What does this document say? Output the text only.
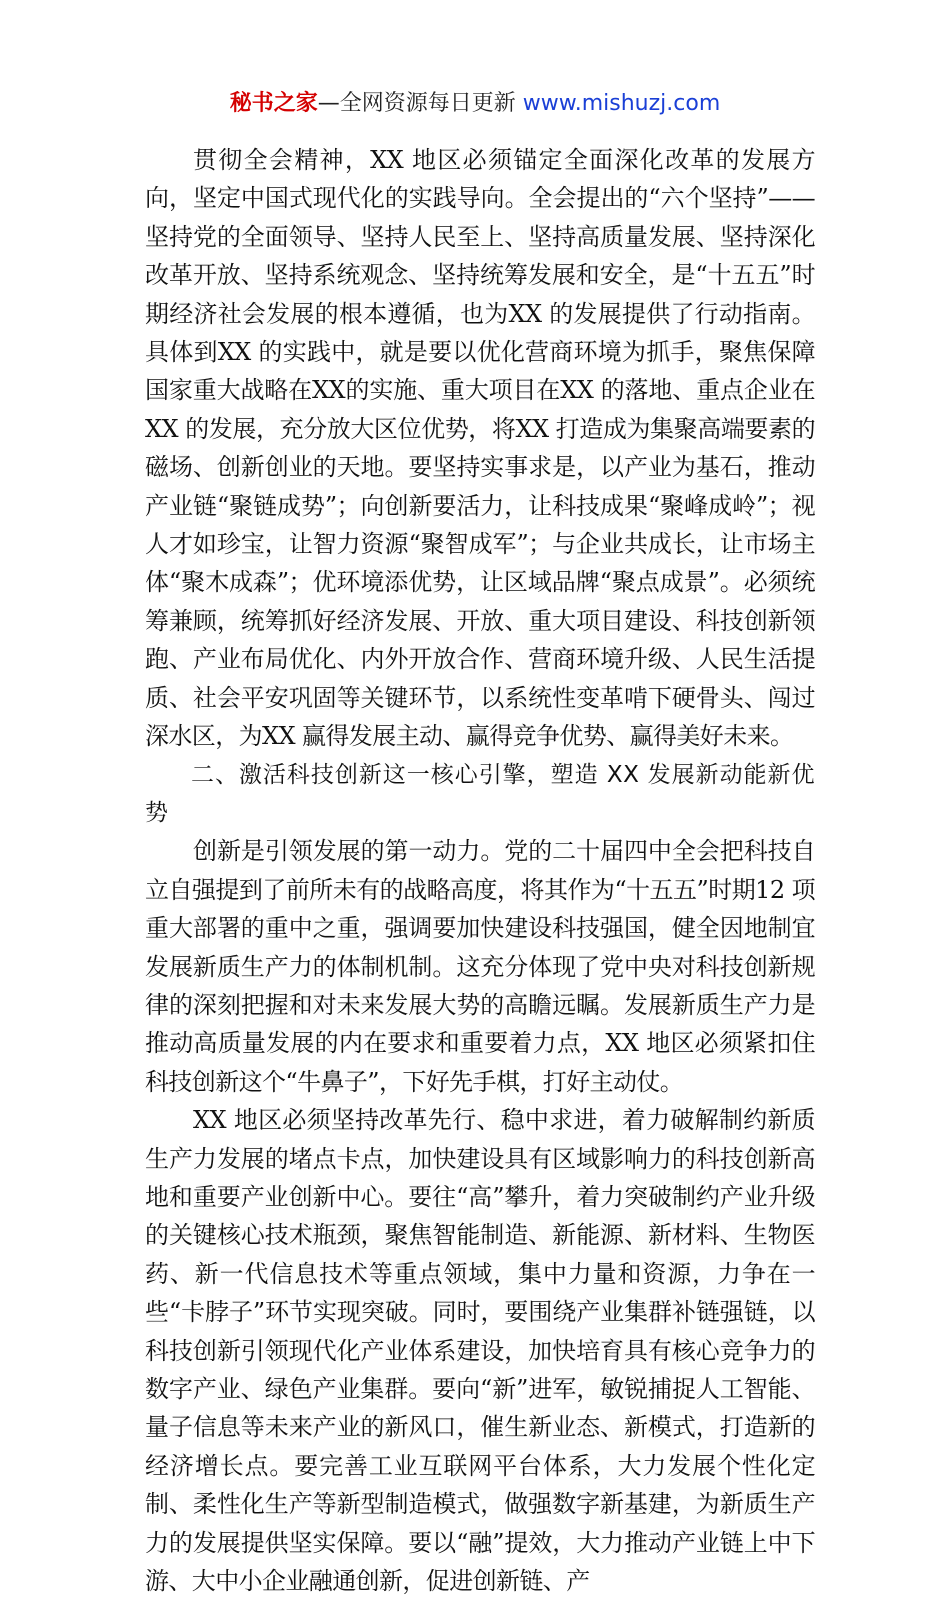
秘书之家—全网资源每日更新 www.mishuzj.com

贯彻全会精神，XX 地区必须锚定全面深化改革的发展方向，坚定中国式现代化的实践导向。全会提出的“六个坚持”——坚持党的全面领导、坚持人民至上、坚持高质量发展、坚持深化改革开放、坚持系统观念、坚持统筹发展和安全，是“十五五”时期经济社会发展的根本遵循，也为XX 的发展提供了行动指南。具体到XX 的实践中，就是要以优化营商环境为抓手，聚焦保障国家重大战略在XX的实施、重大项目在XX 的落地、重点企业在XX 的发展，充分放大区位优势，将XX 打造成为集聚高端要素的磁场、创新创业的天地。要坚持实事求是，以产业为基石，推动产业链“聚链成势”；向创新要活力，让科技成果“聚峰成岭”；视人才如珍宝，让智力资源“聚智成军”；与企业共成长，让市场主体“聚木成森”；优环境添优势，让区域品牌“聚点成景”。必须统筹兼顾，统筹抓好经济发展、开放、重大项目建设、科技创新领跑、产业布局优化、内外开放合作、营商环境升级、人民生活提质、社会平安巩固等关键环节，以系统性变革啃下硬骨头、闯过深水区，为XX 赢得发展主动、赢得竞争优势、赢得美好未来。

二、激活科技创新这一核心引擎，塑造 XX 发展新动能新优势

创新是引领发展的第一动力。党的二十届四中全会把科技自立自强提到了前所未有的战略高度，将其作为“十五五”时期12 项重大部署的重中之重，强调要加快建设科技强国，健全因地制宜发展新质生产力的体制机制。这充分体现了党中央对科技创新规律的深刻把握和对未来发展大势的高瞻远瞩。发展新质生产力是推动高质量发展的内在要求和重要着力点，XX 地区必须紧扣住科技创新这个“牛鼻子”，下好先手棋，打好主动仗。

XX 地区必须坚持改革先行、稳中求进，着力破解制约新质生产力发展的堵点卡点，加快建设具有区域影响力的科技创新高地和重要产业创新中心。要往“高”攀升，着力突破制约产业升级的关键核心技术瓶颈，聚焦智能制造、新能源、新材料、生物医药、新一代信息技术等重点领域，集中力量和资源，力争在一些“卡脖子”环节实现突破。同时，要围绕产业集群补链强链，以科技创新引领现代化产业体系建设，加快培育具有核心竞争力的数字产业、绿色产业集群。要向“新”进军，敏锐捕捉人工智能、量子信息等未来产业的新风口，催生新业态、新模式，打造新的经济增长点。要完善工业互联网平台体系，大力发展个性化定制、柔性化生产等新型制造模式，做强数字新基建，为新质生产力的发展提供坚实保障。要以“融”提效，大力推动产业链上中下游、大中小企业融通创新，促进创新链、产
